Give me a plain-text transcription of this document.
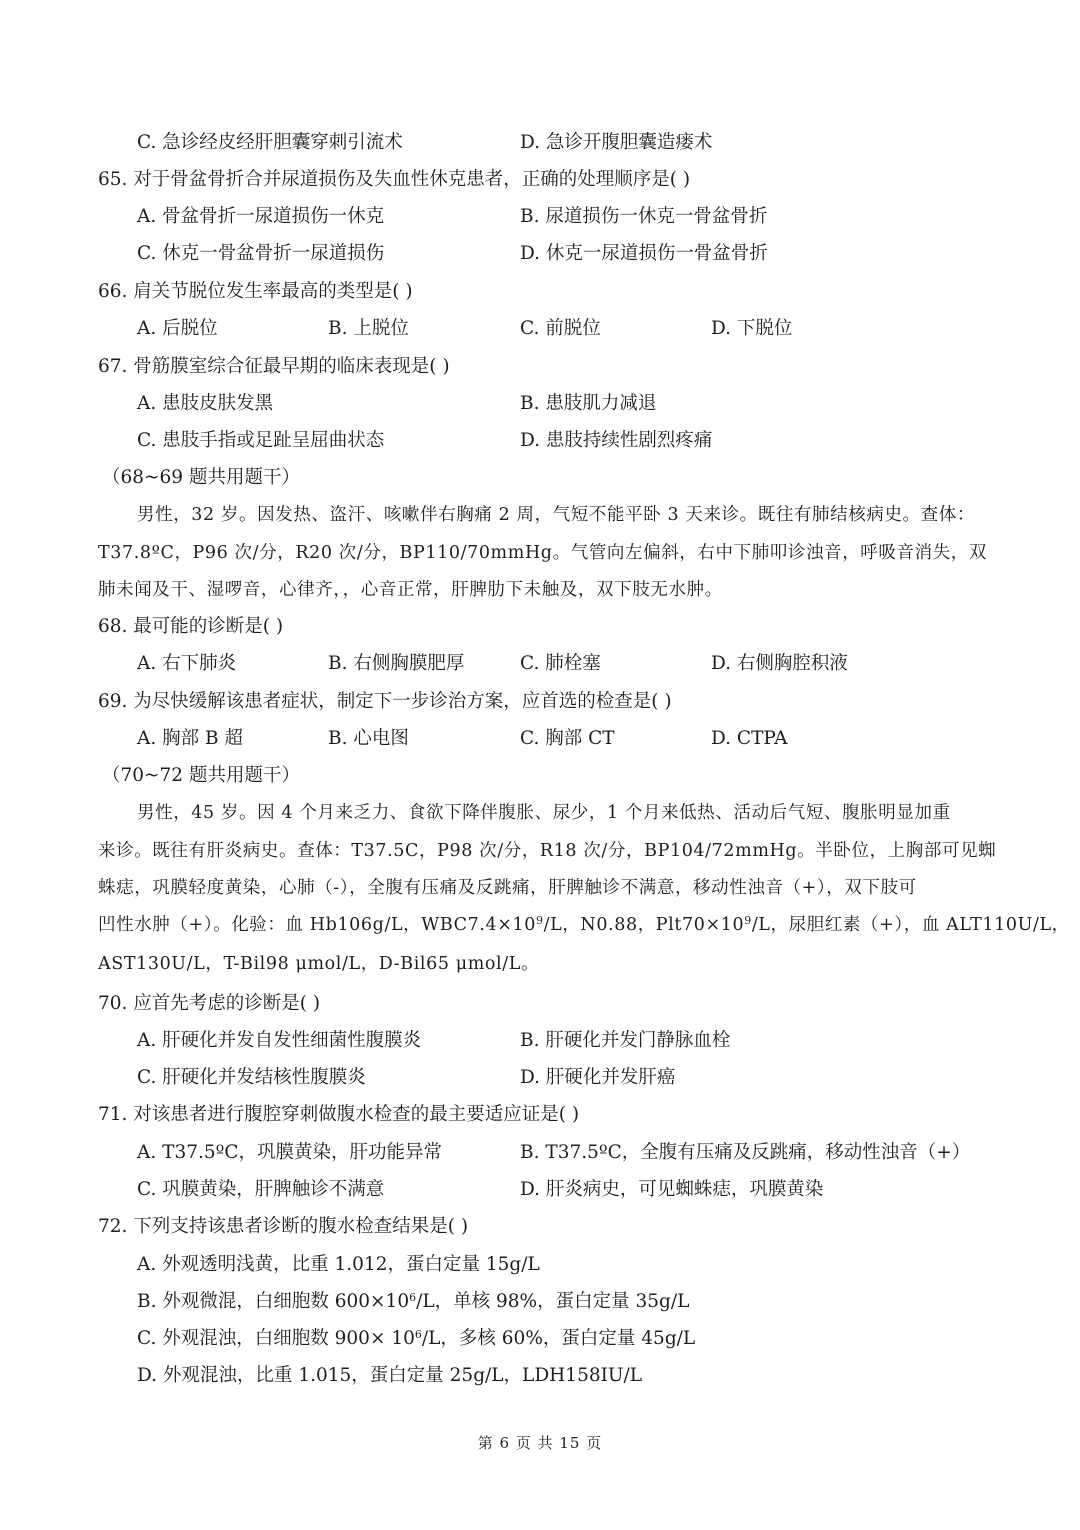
C. 急诊经皮经肝胆囊穿刺引流术	D. 急诊开腹胆囊造瘘术
65. 对于骨盆骨折合并尿道损伤及失血性休克患者，正确的处理顺序是( )
A. 骨盆骨折一尿道损伤一休克	B. 尿道损伤一休克一骨盆骨折
C. 休克一骨盆骨折一尿道损伤	D. 休克一尿道损伤一骨盆骨折
66. 肩关节脱位发生率最高的类型是( )
A. 后脱位	B. 上脱位	C. 前脱位	D. 下脱位
67. 骨筋膜室综合征最早期的临床表现是( )
A. 患肢皮肤发黑	B. 患肢肌力减退
C. 患肢手指或足趾呈屈曲状态	D. 患肢持续性剧烈疼痛
（68~69 题共用题干）
男性，32 岁。因发热、盗汗、咳嗽伴右胸痛 2 周，气短不能平卧 3 天来诊。既往有肺结核病史。查体：
T37.8ºC，P96 次/分，R20 次/分，BP110/70mmHg。气管向左偏斜，右中下肺叩诊浊音，呼吸音消失，双
肺未闻及干、湿啰音，心律齐，，心音正常，肝脾肋下未触及，双下肢无水肿。
68. 最可能的诊断是( )
A. 右下肺炎	B. 右侧胸膜肥厚	C. 肺栓塞	D. 右侧胸腔积液
69. 为尽快缓解该患者症状，制定下一步诊治方案，应首选的检查是( )
A. 胸部 B 超	B. 心电图	C. 胸部 CT	D. CTPA
（70~72 题共用题干）
男性，45 岁。因 4 个月来乏力、食欲下降伴腹胀、尿少，1 个月来低热、活动后气短、腹胀明显加重
来诊。既往有肝炎病史。查体：T37.5C，P98 次/分，R18 次/分，BP104/72mmHg。半卧位，上胸部可见蜘
蛛痣，巩膜轻度黄染，心肺（-），全腹有压痛及反跳痛，肝脾触诊不满意，移动性浊音（+），双下肢可
凹性水肿（+）。化验：血 Hb106g/L，$WBC7.4\times 10^9/L$，N0.88，$Plt70\times 10^9/L$，尿胆红素（+），血 ALT110U/L，
AST130U/L，T-Bil98 μmol/L，D-Bil65 μmol/L。
70. 应首先考虑的诊断是( )
A. 肝硬化并发自发性细菌性腹膜炎	B. 肝硬化并发门静脉血栓
C. 肝硬化并发结核性腹膜炎	D. 肝硬化并发肝癌
71. 对该患者进行腹腔穿刺做腹水检查的最主要适应证是( )
A. T37.5ºC，巩膜黄染，肝功能异常	B. T37.5ºC，全腹有压痛及反跳痛，移动性浊音（+）
C. 巩膜黄染，肝脾触诊不满意	D. 肝炎病史，可见蜘蛛痣，巩膜黄染
72. 下列支持该患者诊断的腹水检查结果是( )
A. 外观透明浅黄，比重 1.012，蛋白定量 15g/L
B. 外观微混，白细胞数 $600\times 10^6/L$，单核 98%，蛋白定量 35g/L
C. 外观混浊，白细胞数 $900\times 10^6/L$，多核 60%，蛋白定量 45g/L
D. 外观混浊，比重 1.015，蛋白定量 25g/L，LDH158IU/L
第 6 页 共 15 页
